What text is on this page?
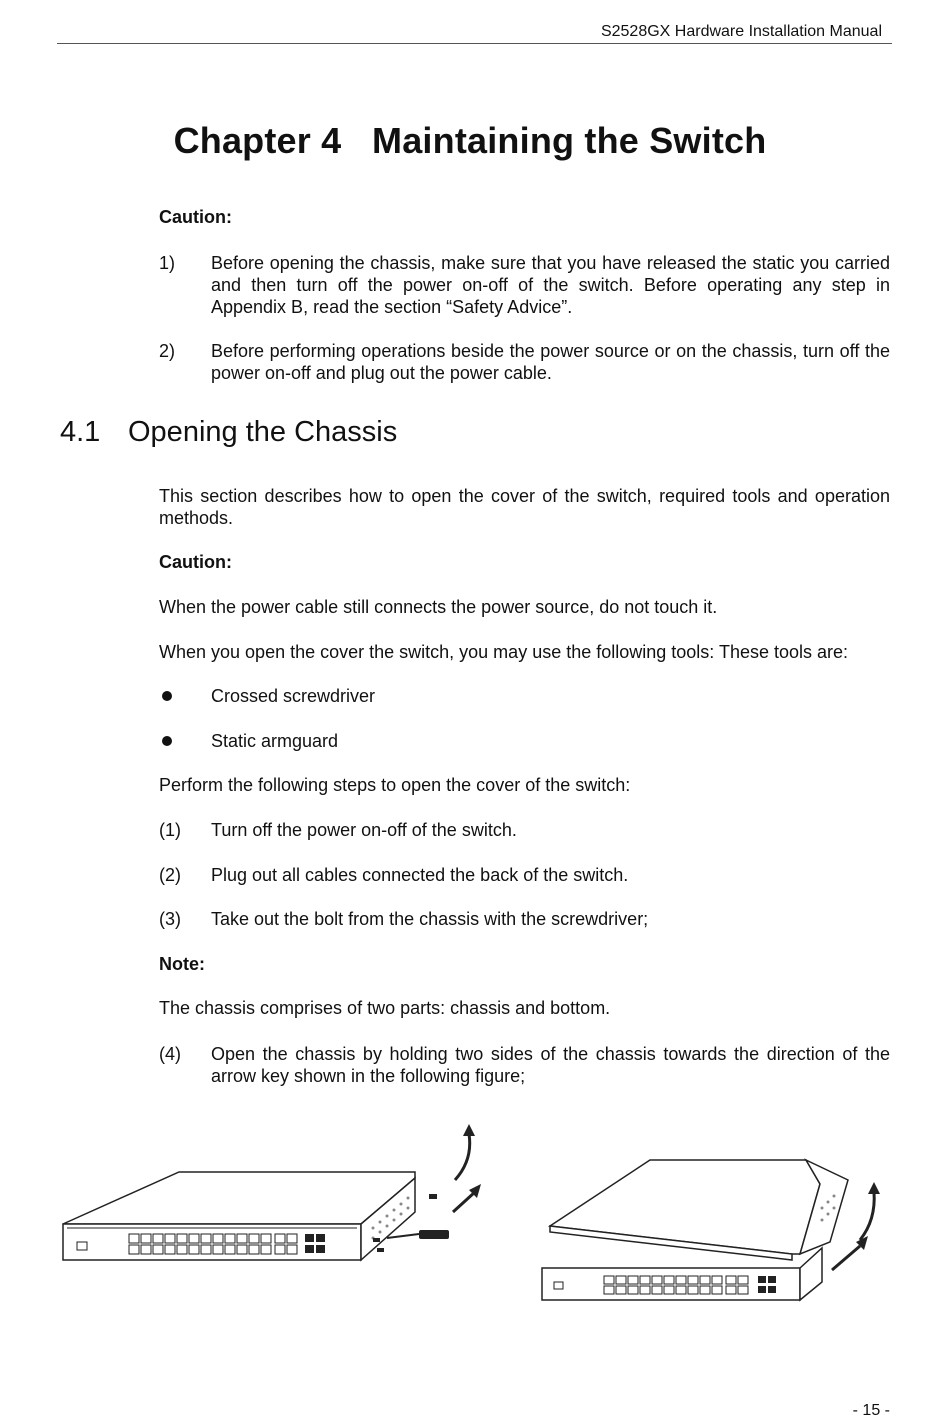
S2528GX Hardware Installation Manual
Chapter 4   Maintaining the Switch
Caution:
1) Before opening the chassis, make sure that you have released the static you carried and then turn off the power on-off of the switch. Before operating any step in Appendix B, read the section “Safety Advice”.
2) Before performing operations beside the power source or on the chassis, turn off the power on-off and plug out the power cable.
4.1 Opening the Chassis
This section describes how to open the cover of the switch, required tools and operation methods.
Caution:
When the power cable still connects the power source, do not touch it.
When you open the cover the switch, you may use the following tools: These tools are:
Crossed screwdriver
Static armguard
Perform the following steps to open the cover of the switch:
(1) Turn off the power on-off of the switch.
(2) Plug out all cables connected the back of the switch.
(3) Take out the bolt from the chassis with the screwdriver;
Note:
The chassis comprises of two parts: chassis and bottom.
(4) Open the chassis by holding two sides of the chassis towards the direction of the arrow key shown in the following figure;
- 15 -
